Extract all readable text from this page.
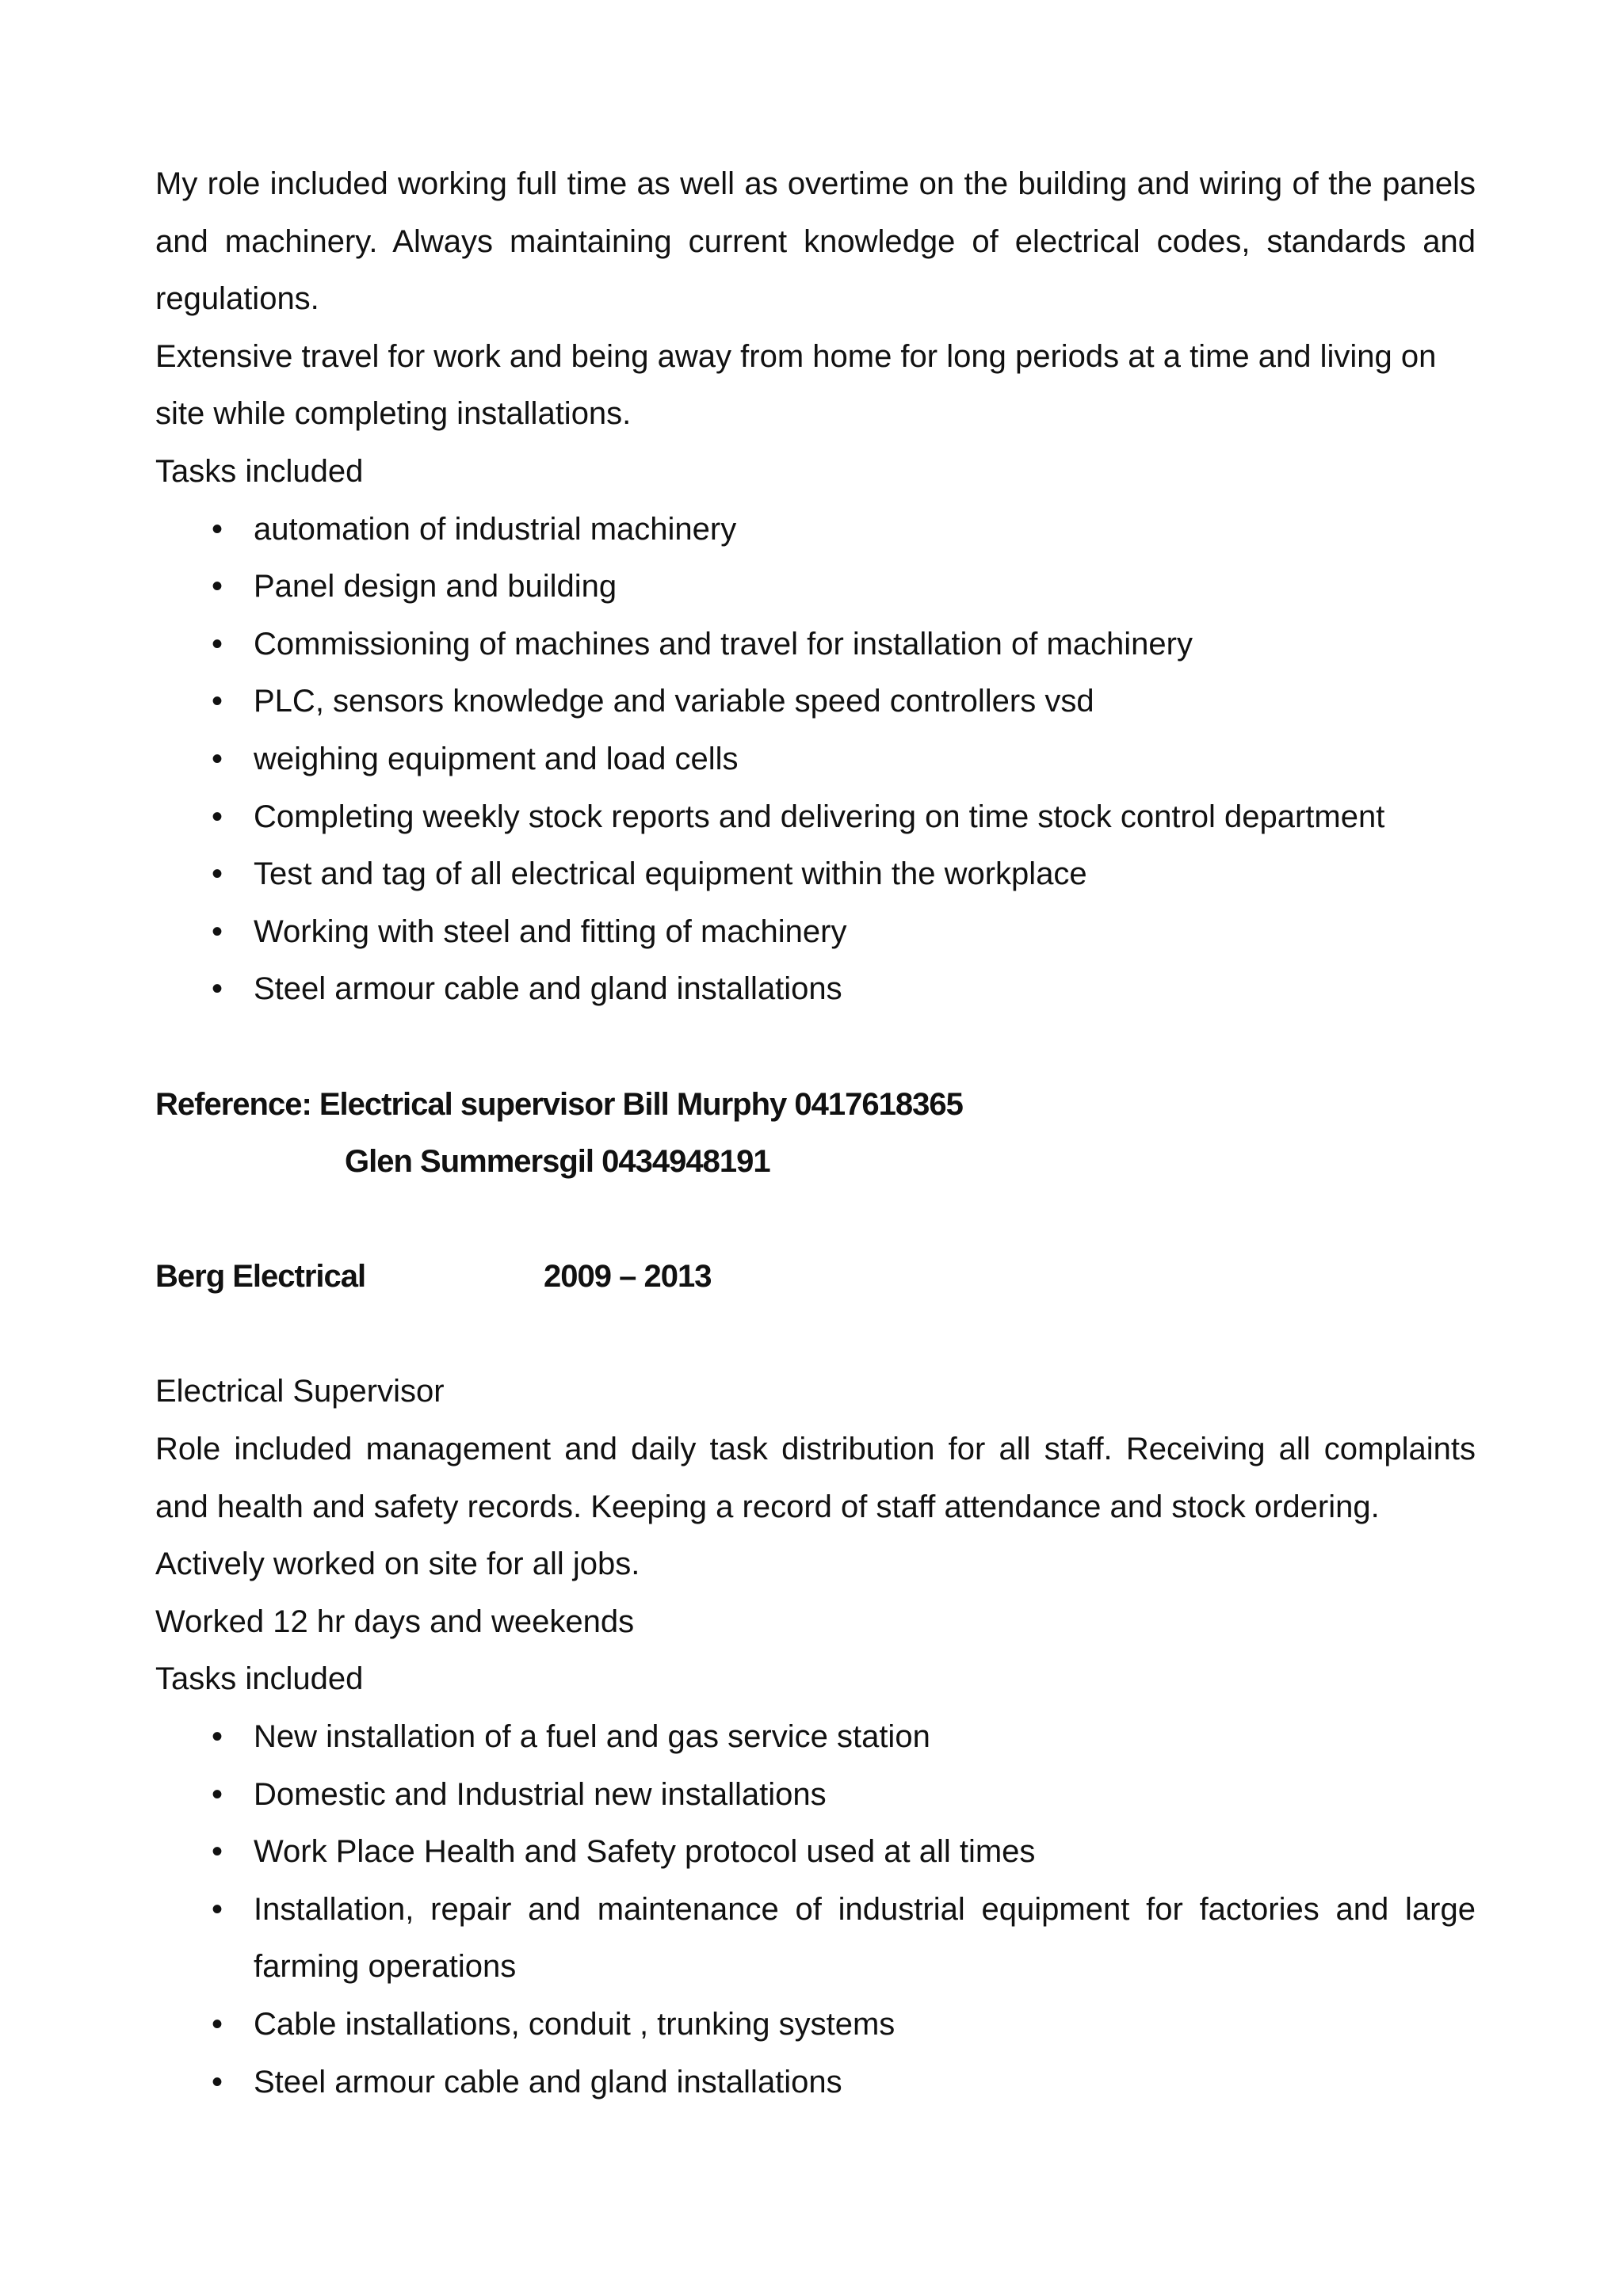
My role included working full time as well as overtime on the building and wiring of the panels and machinery. Always maintaining current knowledge of electrical codes, standards and regulations.

Extensive travel for work and being away from home for long periods at a time and living on site while completing installations.

Tasks included

• automation of industrial machinery
• Panel design and building
• Commissioning of machines and travel for installation of machinery
• PLC, sensors knowledge and variable speed controllers vsd
• weighing equipment and load cells
• Completing weekly stock reports and delivering on time stock control department
• Test and tag of all electrical equipment within the workplace
• Working with steel and fitting of machinery
• Steel armour cable and gland installations

Reference: Electrical supervisor Bill Murphy 0417618365

Glen Summersgil 0434948191

Berg Electrical	2009 – 2013

Electrical Supervisor

Role included management and daily task distribution for all staff. Receiving all complaints and health and safety records. Keeping a record of staff attendance and stock ordering.

Actively worked on site for all jobs.

Worked 12 hr days and weekends

Tasks included

• New installation of a fuel and gas service station
• Domestic and Industrial new installations
• Work Place Health and Safety protocol used at all times
• Installation, repair and maintenance of industrial equipment for factories and large farming operations
• Cable installations, conduit , trunking systems
• Steel armour cable and gland installations
